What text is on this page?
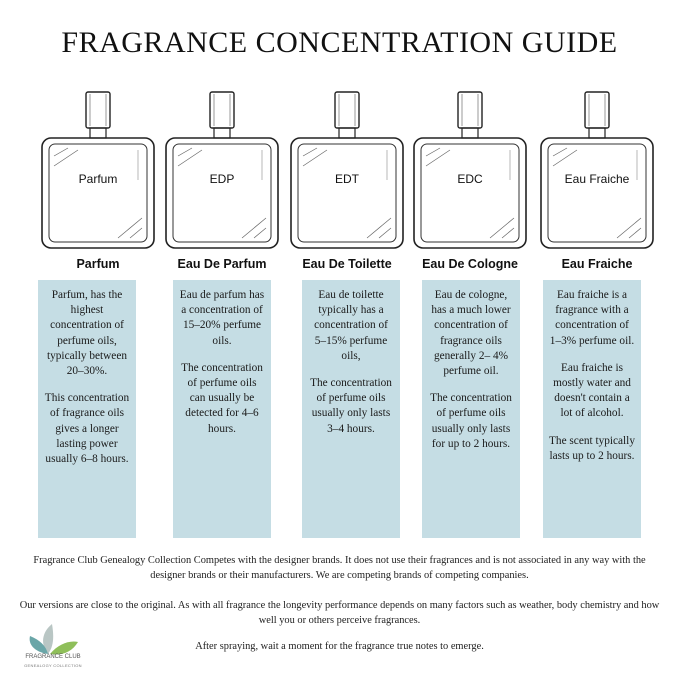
FRAGRANCE CONCENTRATION GUIDE
Parfum
Parfum

Parfum, has the highest concentration of perfume oils, typically between 20–30%.

This concentration of fragrance oils gives a longer lasting power usually 6–8 hours.

EDP
Eau De Parfum

Eau de parfum has a concentration of 15–20% perfume oils.

The concentration of perfume oils can usually be detected for 4–6 hours.

EDT
Eau De Toilette

Eau de toilette typically has a concentration of 5–15% perfume oils,

The concentration of perfume oils usually only lasts 3–4 hours.

EDC
Eau De Cologne

Eau de cologne, has a much lower concentration of fragrance oils generally 2– 4% perfume oil.

The concentration of perfume oils usually only lasts for up to 2 hours.

Eau Fraiche
Eau Fraiche

Eau fraiche is a fragrance with a concentration of 1–3% perfume oil.

Eau fraiche is mostly water and doesn't contain a lot of alcohol.

The scent typically lasts up to 2 hours.

Fragrance Club Genealogy Collection Competes with the designer brands. It does not use their fragrances and is not associated in any way with the designer brands or their manufacturers. We are competing brands of competing companies.
Our versions are close to the original. As with all fragrance the longevity performance depends on many factors such as weather, body chemistry and how well you or others perceive fragrances.
After spraying, wait a moment for the fragrance true notes to emerge.
FRAGRANCE CLUB
GENEALOGY COLLECTION
